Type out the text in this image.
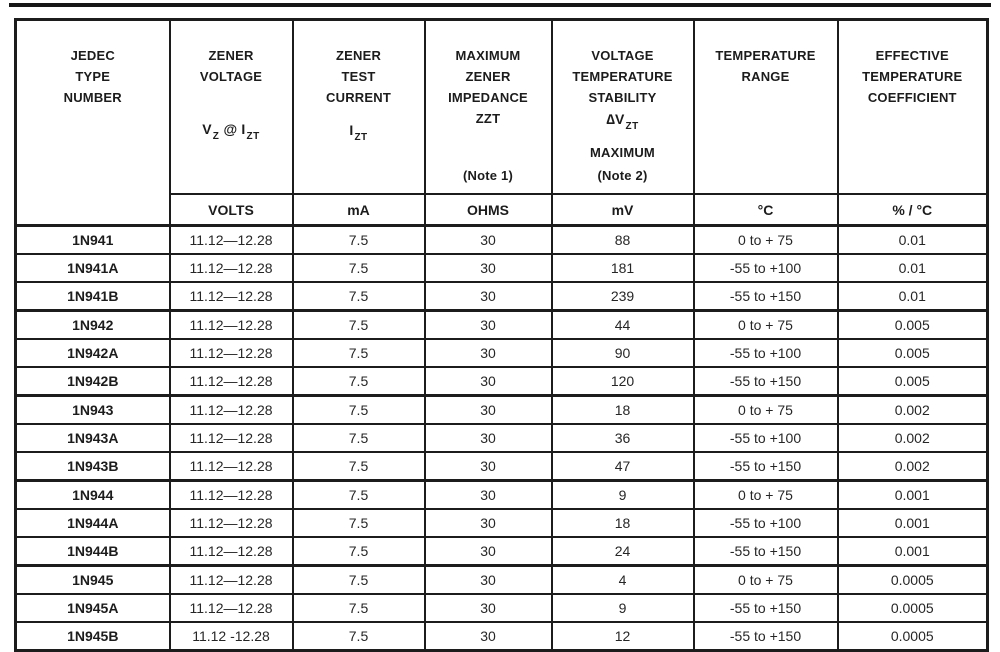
JEDEC
TYPE
NUMBER

ZENER
VOLTAGE
$V_Z$ @ $I_{ZT}$

ZENER
TEST
CURRENT
$I_{ZT}$

MAXIMUM
ZENER
IMPEDANCE
ZZT
(Note 1)

VOLTAGE
TEMPERATURE
STABILITY
$\Delta V_{ZT}$
MAXIMUM
(Note 2)

TEMPERATURE
RANGE

EFFECTIVE
TEMPERATURE
COEFFICIENT

	VOLTS	mA	OHMS	mV	°C	% / °C
1N941	11.12—12.28	7.5	30	88	0 to + 75	0.01
1N941A	11.12—12.28	7.5	30	181	-55 to +100	0.01
1N941B	11.12—12.28	7.5	30	239	-55 to +150	0.01
1N942	11.12—12.28	7.5	30	44	0 to + 75	0.005
1N942A	11.12—12.28	7.5	30	90	-55 to +100	0.005
1N942B	11.12—12.28	7.5	30	120	-55 to +150	0.005
1N943	11.12—12.28	7.5	30	18	0 to + 75	0.002
1N943A	11.12—12.28	7.5	30	36	-55 to +100	0.002
1N943B	11.12—12.28	7.5	30	47	-55 to +150	0.002
1N944	11.12—12.28	7.5	30	9	0 to + 75	0.001
1N944A	11.12—12.28	7.5	30	18	-55 to +100	0.001
1N944B	11.12—12.28	7.5	30	24	-55 to +150	0.001
1N945	11.12—12.28	7.5	30	4	0 to + 75	0.0005
1N945A	11.12—12.28	7.5	30	9	-55 to +150	0.0005
1N945B	11.12 -12.28	7.5	30	12	-55 to +150	0.0005
